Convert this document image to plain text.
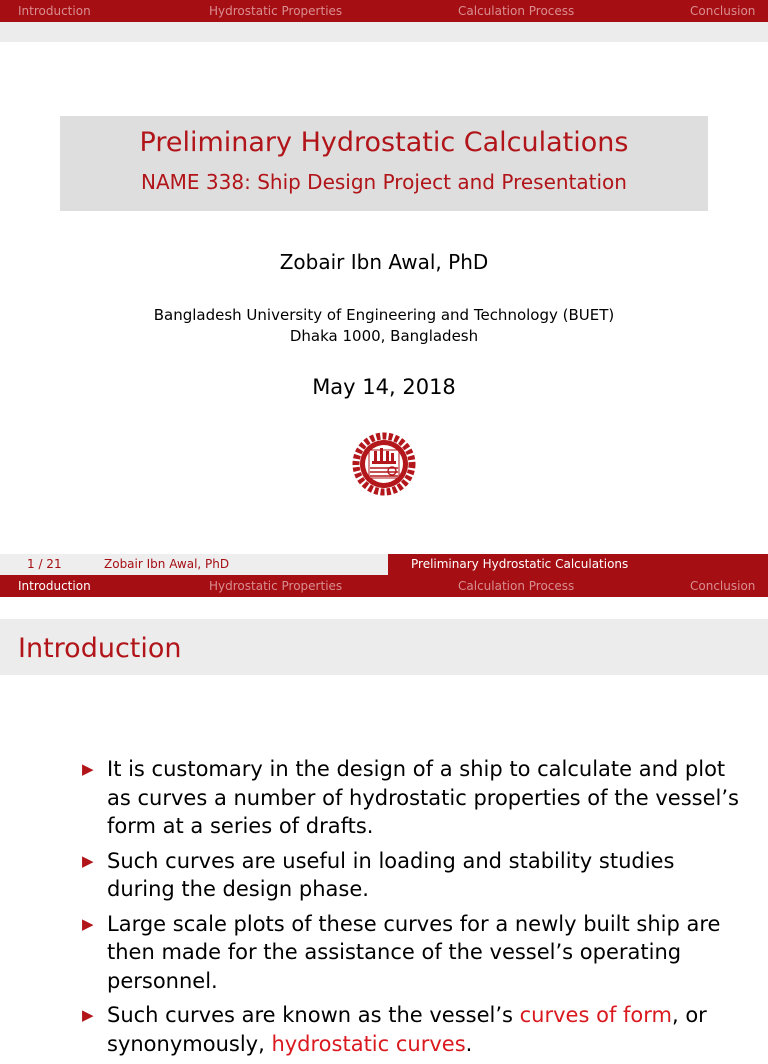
Introduction	Hydrostatic Properties	Calculation Process	Conclusion
Preliminary Hydrostatic Calculations
NAME 338: Ship Design Project and Presentation
Zobair Ibn Awal, PhD
Bangladesh University of Engineering and Technology (BUET)
Dhaka 1000, Bangladesh
May 14, 2018
1 / 21	Zobair Ibn Awal, PhD	Preliminary Hydrostatic Calculations
Introduction	Hydrostatic Properties	Calculation Process	Conclusion
Introduction
▶ It is customary in the design of a ship to calculate and plot as curves a number of hydrostatic properties of the vessel’s form at a series of drafts.
▶ Such curves are useful in loading and stability studies during the design phase.
▶ Large scale plots of these curves for a newly built ship are then made for the assistance of the vessel’s operating personnel.
▶ Such curves are known as the vessel’s curves of form, or synonymously, hydrostatic curves.
